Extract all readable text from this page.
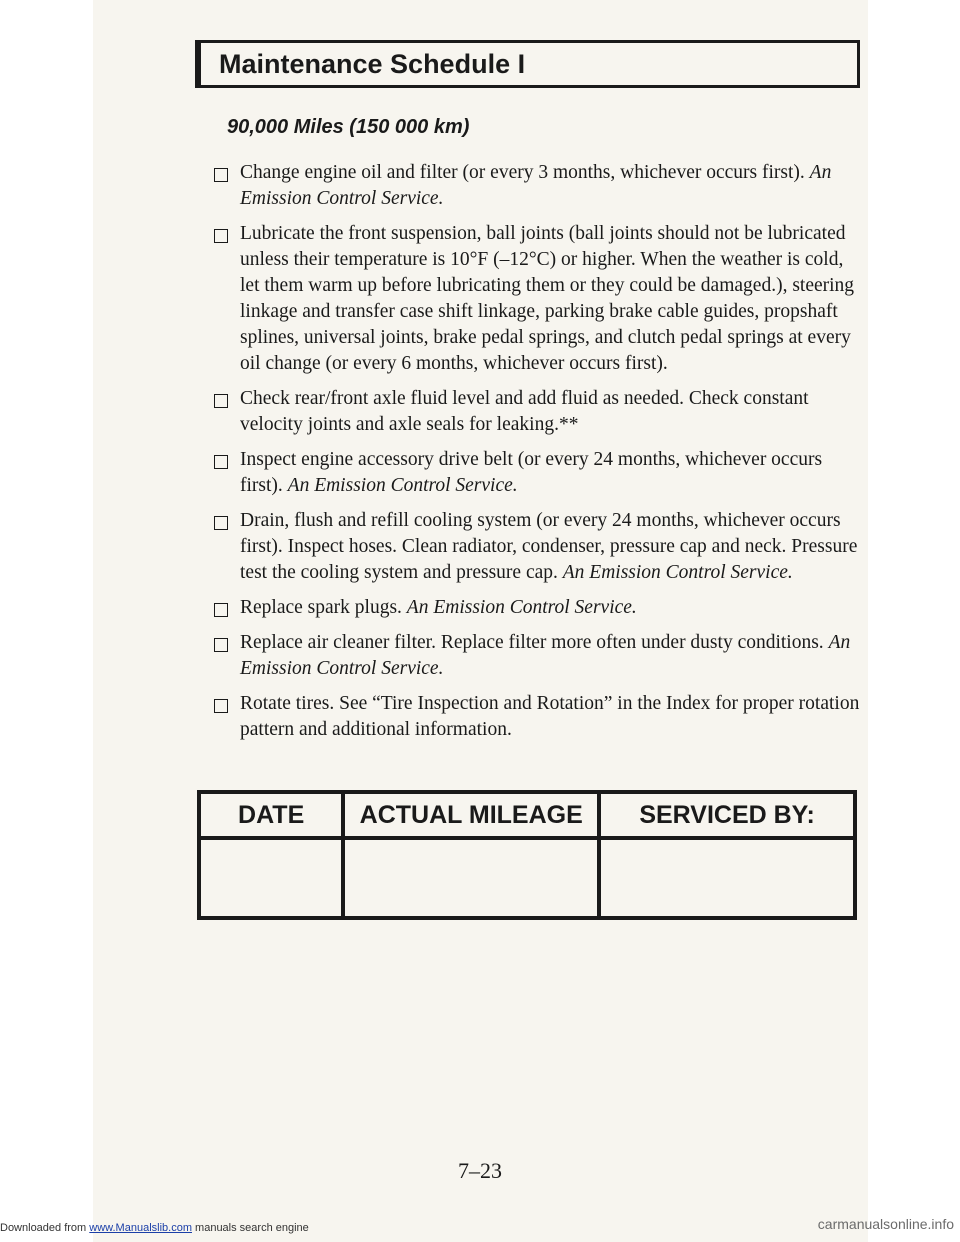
Maintenance Schedule I
90,000 Miles (150 000 km)
Change engine oil and filter (or every 3 months, whichever occurs first). An Emission Control Service.
Lubricate the front suspension, ball joints (ball joints should not be lubricated unless their temperature is 10°F (–12°C) or higher. When the weather is cold, let them warm up before lubricating them or they could be damaged.), steering linkage and transfer case shift linkage, parking brake cable guides, propshaft splines, universal joints, brake pedal springs, and clutch pedal springs at every oil change (or every 6 months, whichever occurs first).
Check rear/front axle fluid level and add fluid as needed. Check constant velocity joints and axle seals for leaking.**
Inspect engine accessory drive belt (or every 24 months, whichever occurs first). An Emission Control Service.
Drain, flush and refill cooling system (or every 24 months, whichever occurs first). Inspect hoses. Clean radiator, condenser, pressure cap and neck. Pressure test the cooling system and pressure cap. An Emission Control Service.
Replace spark plugs. An Emission Control Service.
Replace air cleaner filter. Replace filter more often under dusty conditions. An Emission Control Service.
Rotate tires. See “Tire Inspection and Rotation” in the Index for proper rotation pattern and additional information.
DATE	ACTUAL MILEAGE	SERVICED BY:

7–23
Downloaded from www.Manualslib.com manuals search engine	carmanualsonline.info
